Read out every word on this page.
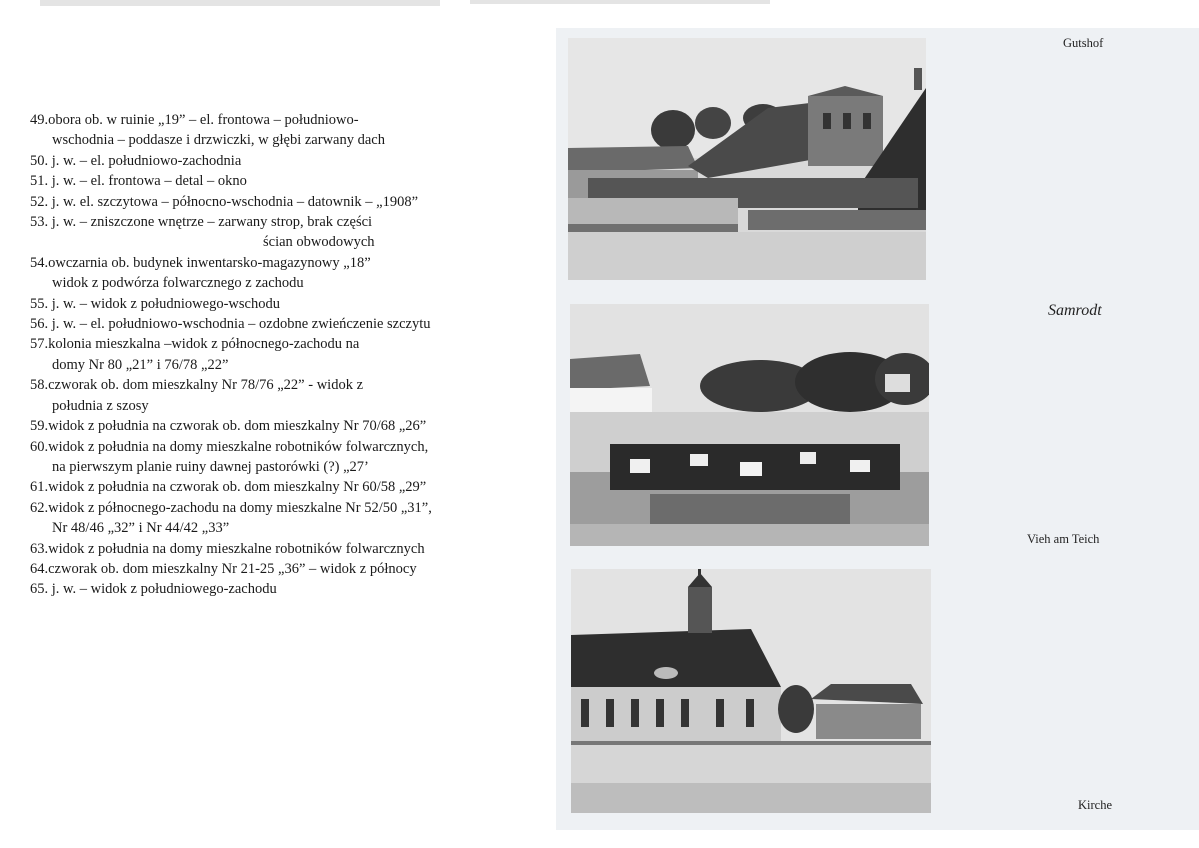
49.obora ob. w ruinie „19” – el. frontowa – południowo-
wschodnia – poddasze i drzwiczki, w głębi zarwany dach
50. j. w. – el. południowo-zachodnia
51. j. w. – el. frontowa – detal – okno
52. j. w. el. szczytowa – północno-wschodnia – datownik – „1908”
53. j. w. – zniszczone wnętrze – zarwany strop, brak części
ścian obwodowych
54.owczarnia ob. budynek inwentarsko-magazynowy „18”
widok z podwórza folwarcznego z zachodu
55. j. w. – widok z południowego-wschodu
56. j. w. – el. południowo-wschodnia – ozdobne zwieńczenie szczytu
57.kolonia mieszkalna –widok z północnego-zachodu na
domy Nr 80 „21” i 76/78 „22”
58.czworak ob. dom mieszkalny Nr 78/76 „22” - widok z
południa z szosy
59.widok z południa na czworak ob. dom mieszkalny Nr 70/68 „26”
60.widok z południa na domy mieszkalne robotników folwarcznych,
na pierwszym planie ruiny dawnej pastorówki (?) „27’
61.widok z południa na czworak ob. dom mieszkalny Nr 60/58 „29”
62.widok z północnego-zachodu na domy mieszkalne Nr 52/50 „31”,
Nr 48/46 „32” i Nr 44/42 „33”
63.widok z południa na domy mieszkalne robotników folwarcznych
64.czworak ob. dom mieszkalny Nr 21-25 „36” – widok z północy
65. j. w. – widok z południowego-zachodu
Gutshof
Samrodt
Vieh am Teich
Kirche
